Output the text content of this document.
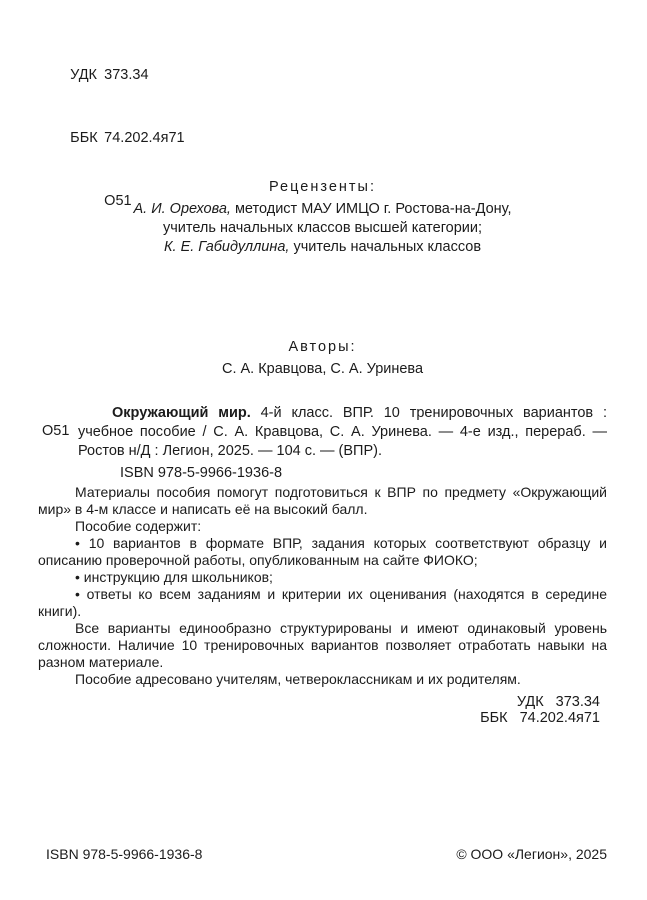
УДК 373.34

ББК 74.202.4я71

О51

Рецензенты:
А. И. Орехова, методист МАУ ИМЦО г. Ростова-на-Дону,
учитель начальных классов высшей категории;
К. Е. Габидуллина, учитель начальных классов
Авторы:
С. А. Кравцова, С. А. Уринева
О51

Окружающий мир. 4-й класс. ВПР. 10 тренировочных вариантов : учебное пособие / С. А. Кравцова, С. А. Уринева. — 4-е изд., перераб. — Ростов н/Д : Легион, 2025. — 104 с. — (ВПР).

ISBN 978-5-9966-1936-8

Материалы пособия помогут подготовиться к ВПР по предмету «Окружающий мир» в 4-м классе и написать её на высокий балл.

Пособие содержит:

• 10 вариантов в формате ВПР, задания которых соответствуют образцу и описанию проверочной работы, опубликованным на сайте ФИОКО;

• инструкцию для школьников;

• ответы ко всем заданиям и критерии их оценивания (находятся в середине книги).

Все варианты единообразно структурированы и имеют одинаковый уровень сложности. Наличие 10 тренировочных вариантов позволяет отработать навыки на разном материале.

Пособие адресовано учителям, четвероклассникам и их родителям.

УДК 373.34
ББК 74.202.4я71
ISBN 978-5-9966-1936-8	© ООО «Легион», 2025
